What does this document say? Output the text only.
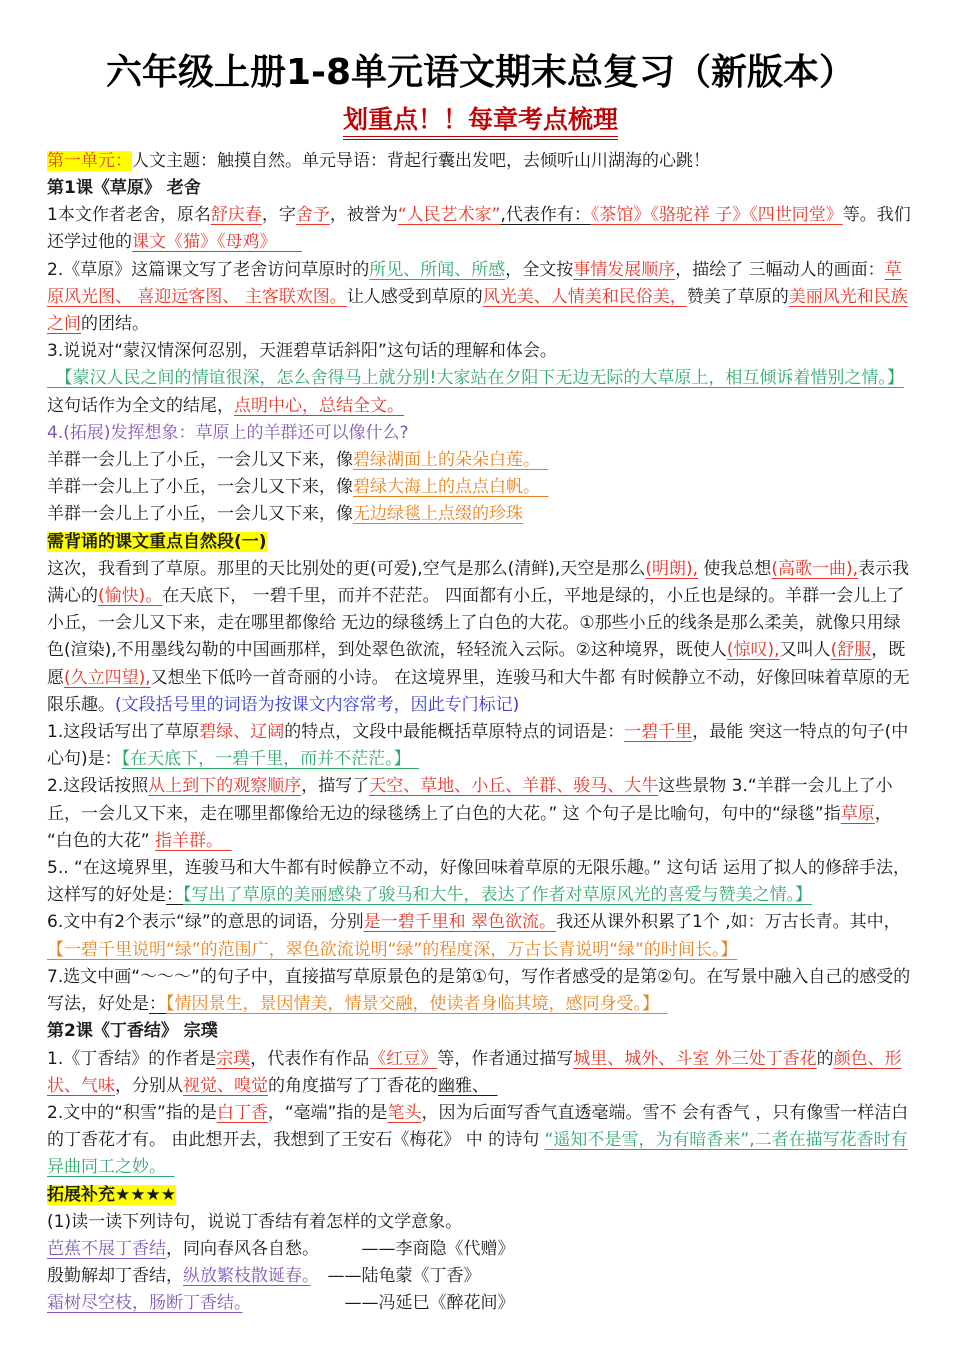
六年级上册1-8单元语文期末总复习（新版本）
划重点！！每章考点梳理
第一单元：人文主题：触摸自然。单元导语：背起行囊出发吧，去倾听山川湖海的心跳！
第1课《草原》 老舍
1本文作者老舍，原名舒庆春，字舍予，被誉为“人民艺术家”,代表作有：《茶馆》《骆驼祥 子》《四世同堂》等。我们还学过他的课文《猫》《母鸡》　　
2.《草原》这篇课文写了老舍访问草原时的所见、所闻、所感，全文按事情发展顺序，描绘了 三幅动人的画面：草原风光图、 喜迎远客图、 主客联欢图。让人感受到草原的风光美、人情美和民俗美，赞美了草原的美丽风光和民族之间的团结。
3.说说对“蒙汉情深何忍别，天涯碧草话斜阳”这句话的理解和体会。
　【蒙汉人民之间的情谊很深，怎么舍得马上就分别!大家站在夕阳下无边无际的大草原上，相互倾诉着惜别之情。】这句话作为全文的结尾，点明中心，总结全文。
4.(拓展)发挥想象：草原上的羊群还可以像什么?
羊群一会儿上了小丘，一会儿又下来，像碧绿湖面上的朵朵白莲。　
羊群一会儿上了小丘，一会儿又下来，像碧绿大海上的点点白帆。　
羊群一会儿上了小丘，一会儿又下来，像无边绿毯上点缀的珍珠
需背诵的课文重点自然段(一)
这次，我看到了草原。那里的天比别处的更(可爱),空气是那么(清鲜),天空是那么(明朗), 使我总想(高歌一曲),表示我满心的(愉快)。在天底下， 一碧千里，而并不茫茫。 四面都有小丘，平地是绿的，小丘也是绿的。羊群一会儿上了小丘，一会儿又下来，走在哪里都像给 无边的绿毯绣上了白色的大花。①那些小丘的线条是那么柔美，就像只用绿色(渲染),不用墨线勾勒的中国画那样，到处翠色欲流，轻轻流入云际。②这种境界，既使人(惊叹),又叫人(舒服，既愿(久立四望),又想坐下低吟一首奇丽的小诗。 在这境界里，连骏马和大牛都 有时候静立不动，好像回味着草原的无限乐趣。(文段括号里的词语为按课文内容常考，因此专门标记)
1.这段话写出了草原碧绿、辽阔的特点，文段中最能概括草原特点的词语是：一碧千里，最能 突这一特点的句子(中心句)是：【在天底下，一碧千里，而并不茫茫。】　
2.这段话按照从上到下的观察顺序，描写了天空、草地、小丘、羊群、骏马、大牛这些景物 3.“羊群一会儿上了小丘，一会儿又下来，走在哪里都像给无边的绿毯绣上了白色的大花。” 这 个句子是比喻句，句中的“绿毯”指草原，“白色的大花” 指羊群。　
5.. “在这境界里，连骏马和大牛都有时候静立不动，好像回味着草原的无限乐趣。” 这句话 运用了拟人的修辞手法，这样写的好处是：【写出了草原的美丽感染了骏马和大牛，表达了作者对草原风光的喜爱与赞美之情。】
6.文中有2个表示“绿”的意思的词语，分别是一碧千里和 翠色欲流。我还从课外积累了1个 ,如：万古长青。其中，【一碧千里说明“绿”的范围广，翠色欲流说明“绿”的程度深，万古长青说明“绿”的时间长。】
7.选文中画“～～～”的句子中，直接描写草原景色的是第①句，写作者感受的是第②句。在写景中融入自己的感受的写法，好处是：【情因景生，景因情美，情景交融，使读者身临其境，感同身受。】　
第2课《丁香结》 宗璞
1.《丁香结》的作者是宗璞，代表作有作品《红豆》等，作者通过描写城里、城外、斗室 外三处丁香花的颜色、形状、气味，分别从视觉、嗅觉的角度描写了丁香花的幽雅、　
2.文中的“积雪”指的是白丁香，“毫端”指的是笔头，因为后面写香气直透毫端。雪不 会有香气 ，只有像雪一样洁白的丁香花才有。 由此想开去，我想到了王安石《梅花》 中 的诗句 “遥知不是雪，为有暗香来”,二者在描写花香时有异曲同工之妙。　
拓展补充★★★★
(1)读一读下列诗句，说说丁香结有着怎样的文学意象。
芭蕉不展丁香结，同向春风各自愁。　　　——李商隐《代赠》
殷勤解却丁香结，纵放繁枝散诞春。　——陆龟蒙《丁香》
霜树尽空枝，肠断丁香结。　　　　　　——冯延巳《醉花间》
